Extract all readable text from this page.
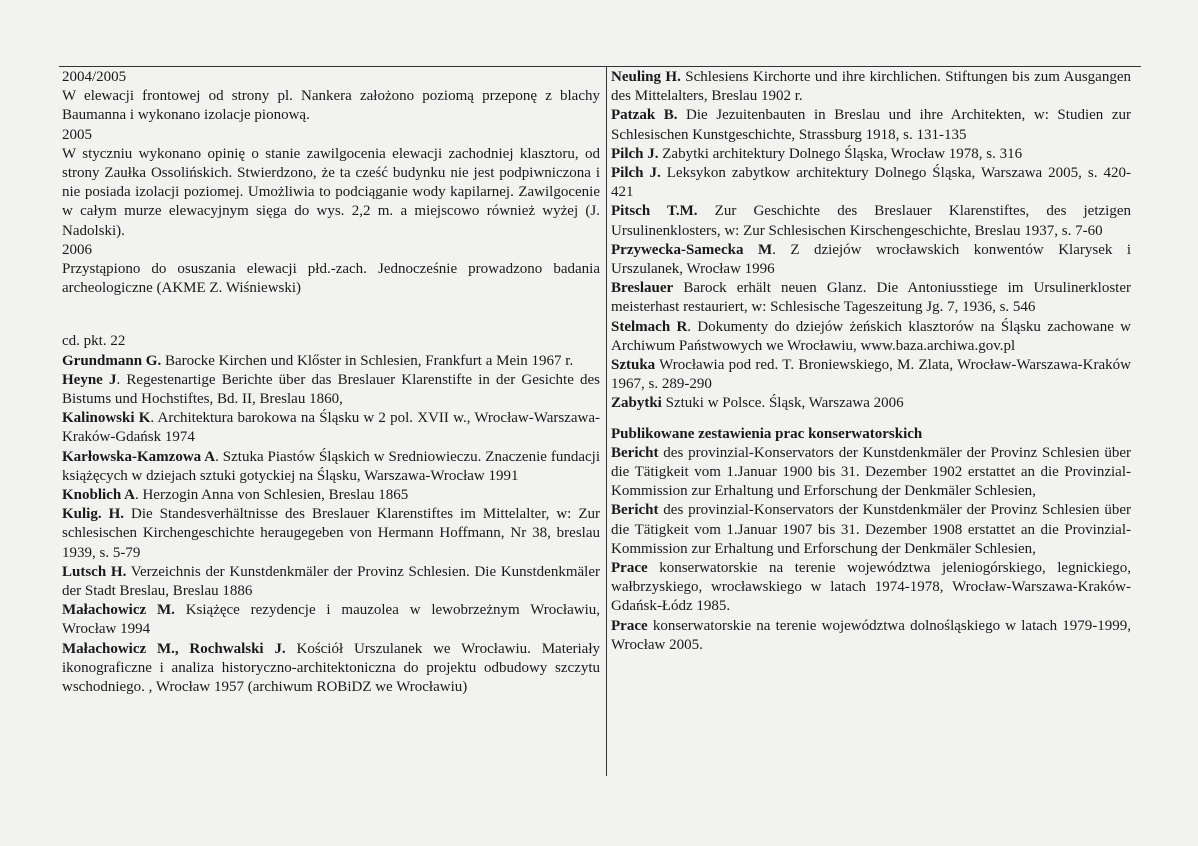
2004/2005

W elewacji frontowej od strony pl. Nankera założono poziomą przeponę z blachy Baumanna i wykonano izolacje pionową.

2005

W styczniu wykonano opinię o stanie zawilgocenia elewacji zachodniej klasztoru, od strony Zaułka Ossolińskich. Stwierdzono, że ta cześć budynku nie jest podpiwniczona i nie posiada izolacji poziomej. Umożliwia to podciąganie wody kapilarnej. Zawilgocenie w całym murze elewacyjnym sięga do wys. 2,2 m. a miejscowo również wyżej (J. Nadolski).

2006

Przystąpiono do osuszania elewacji płd.-zach. Jednocześnie prowadzono badania archeologiczne (AKME Z. Wiśniewski)

cd. pkt. 22

Grundmann G. Barocke Kirchen und Klőster in Schlesien, Frankfurt a Mein 1967 r.

Heyne J. Regestenartige Berichte über das Breslauer Klarenstifte in der Gesichte des Bistums und Hochstiftes, Bd. II, Breslau 1860,

Kalinowski K. Architektura barokowa na Śląsku w 2 pol. XVII w., Wrocław-Warszawa-Kraków-Gdańsk 1974

Karłowska-Kamzowa A. Sztuka Piastów Śląskich w Sredniowieczu. Znaczenie fundacji książęcych w dziejach sztuki gotyckiej na Śląsku, Warszawa-Wrocław 1991

Knoblich A. Herzogin Anna von Schlesien, Breslau 1865

Kulig. H. Die Standesverhältnisse des Breslauer Klarenstiftes im Mittelalter, w: Zur schlesischen Kirchengeschichte heraugegeben von Hermann Hoffmann, Nr 38, breslau 1939, s. 5-79

Lutsch H. Verzeichnis der Kunstdenkmäler der Provinz Schlesien. Die Kunstdenkmäler der Stadt Breslau, Breslau 1886

Małachowicz M. Książęce rezydencje i mauzolea w lewobrzeżnym Wrocławiu, Wrocław 1994

Małachowicz M., Rochwalski J. Kościół Urszulanek we Wrocławiu. Materiały ikonograficzne i analiza historyczno-architektoniczna do projektu odbudowy szczytu wschodniego. , Wrocław 1957 (archiwum ROBiDZ we Wrocławiu)

Neuling H. Schlesiens Kirchorte und ihre kirchlichen. Stiftungen bis zum Ausgangen des Mittelalters, Breslau 1902 r.

Patzak B. Die Jezuitenbauten in Breslau und ihre Architekten, w: Studien zur Schlesischen Kunstgeschichte, Strassburg 1918, s. 131-135

Pilch J. Zabytki architektury Dolnego Śląska, Wrocław 1978, s. 316

Pilch J. Leksykon zabytkow architektury Dolnego Śląska, Warszawa 2005, s. 420-421

Pitsch T.M. Zur Geschichte des Breslauer Klarenstiftes, des jetzigen Ursulinenklosters, w: Zur Schlesischen Kirschengeschichte, Breslau 1937, s. 7-60

Przywecka-Samecka M. Z dziejów wrocławskich konwentów Klarysek i Urszulanek, Wrocław 1996

Breslauer Barock erhält neuen Glanz. Die Antoniusstiege im Ursulinerkloster meisterhast restauriert, w: Schlesische Tageszeitung Jg. 7, 1936, s. 546

Stelmach R. Dokumenty do dziejów żeńskich klasztorów na Śląsku zachowane w Archiwum Państwowych we Wrocławiu, www.baza.archiwa.gov.pl

Sztuka Wrocławia pod red. T. Broniewskiego, M. Zlata, Wrocław-Warszawa-Kraków 1967, s. 289-290

Zabytki Sztuki w Polsce. Śląsk, Warszawa 2006

Publikowane zestawienia prac konserwatorskich

Bericht des provinzial-Konservators der Kunstdenkmäler der Provinz Schlesien über die Tätigkeit vom 1.Januar 1900 bis 31. Dezember 1902 erstattet an die Provinzial-Kommission zur Erhaltung und Erforschung der Denkmäler Schlesien,

Bericht des provinzial-Konservators der Kunstdenkmäler der Provinz Schlesien über die Tätigkeit vom 1.Januar 1907 bis 31. Dezember 1908 erstattet an die Provinzial-Kommission zur Erhaltung und Erforschung der Denkmäler Schlesien,

Prace konserwatorskie na terenie województwa jeleniogórskiego, legnickiego, wałbrzyskiego, wrocławskiego w latach 1974-1978, Wrocław-Warszawa-Kraków-Gdańsk-Łódz 1985.

Prace konserwatorskie na terenie województwa dolnośląskiego w latach 1979-1999, Wrocław 2005.
